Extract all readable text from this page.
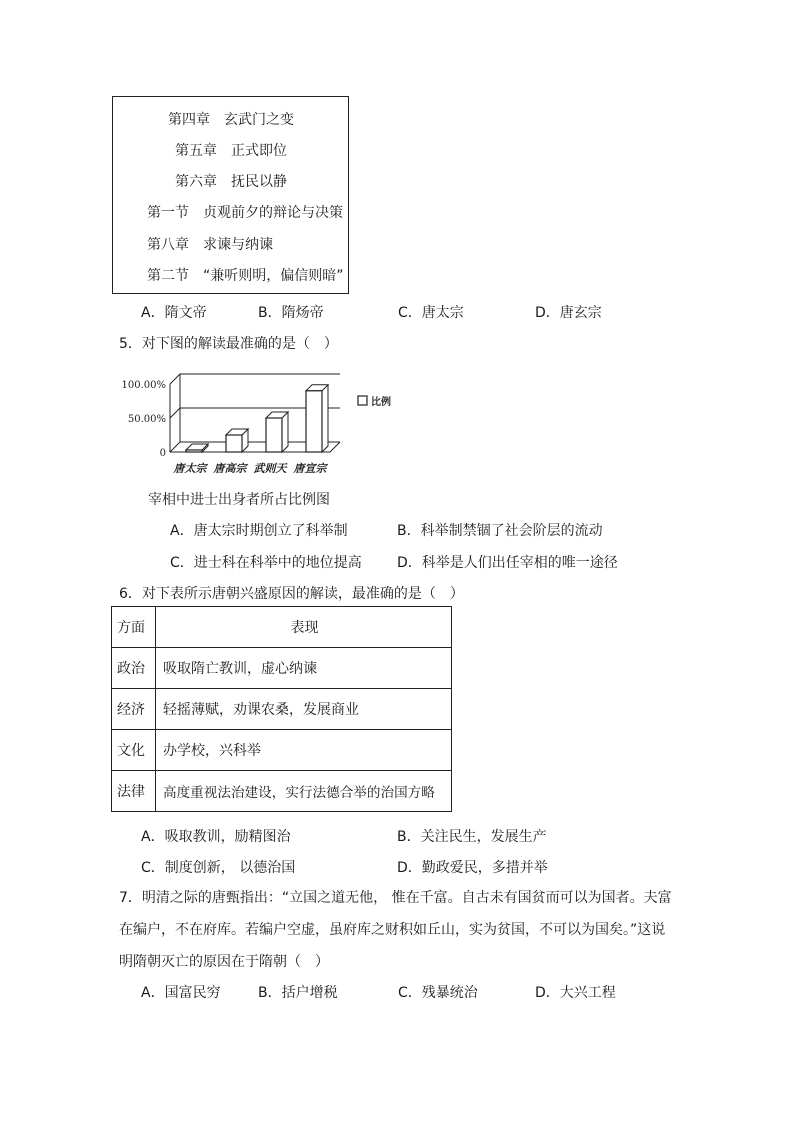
第四章　玄武门之变
第五章　正式即位
第六章　抚民以静
第一节　贞观前夕的辩论与决策
第八章　求谏与纳谏
第二节　“兼听则明，偏信则暗”
A．隋文帝	B．隋炀帝	C．唐太宗	D．唐玄宗
5．对下图的解读最准确的是（　）
0
50.00%
100.00%
唐太宗 唐高宗 武则天 唐宣宗
比例
宰相中进士出身者所占比例图
A．唐太宗时期创立了科举制	B．科举制禁锢了社会阶层的流动
C．进士科在科举中的地位提高	D．科举是人们出任宰相的唯一途径
6．对下表所示唐朝兴盛原因的解读，最准确的是（　）
方面	表现
政治	吸取隋亡教训，虚心纳谏
经济	轻摇薄赋，劝课农桑，发展商业
文化	办学校，兴科举
法律	高度重视法治建设，实行法德合举的治国方略
A．吸取教训，励精图治	B．关注民生，发展生产
C．制度创新， 以德治国	D．勤政爱民，多措并举
7．明清之际的唐甄指出：“立国之道无他， 惟在千富。自古未有国贫而可以为国者。夫富在编户，不在府库。若编户空虚，虽府库之财积如丘山，实为贫国，不可以为国矣。”这说明隋朝灭亡的原因在于隋朝（　）
A．国富民穷	B．括户增税	C．残暴统治	D．大兴工程
